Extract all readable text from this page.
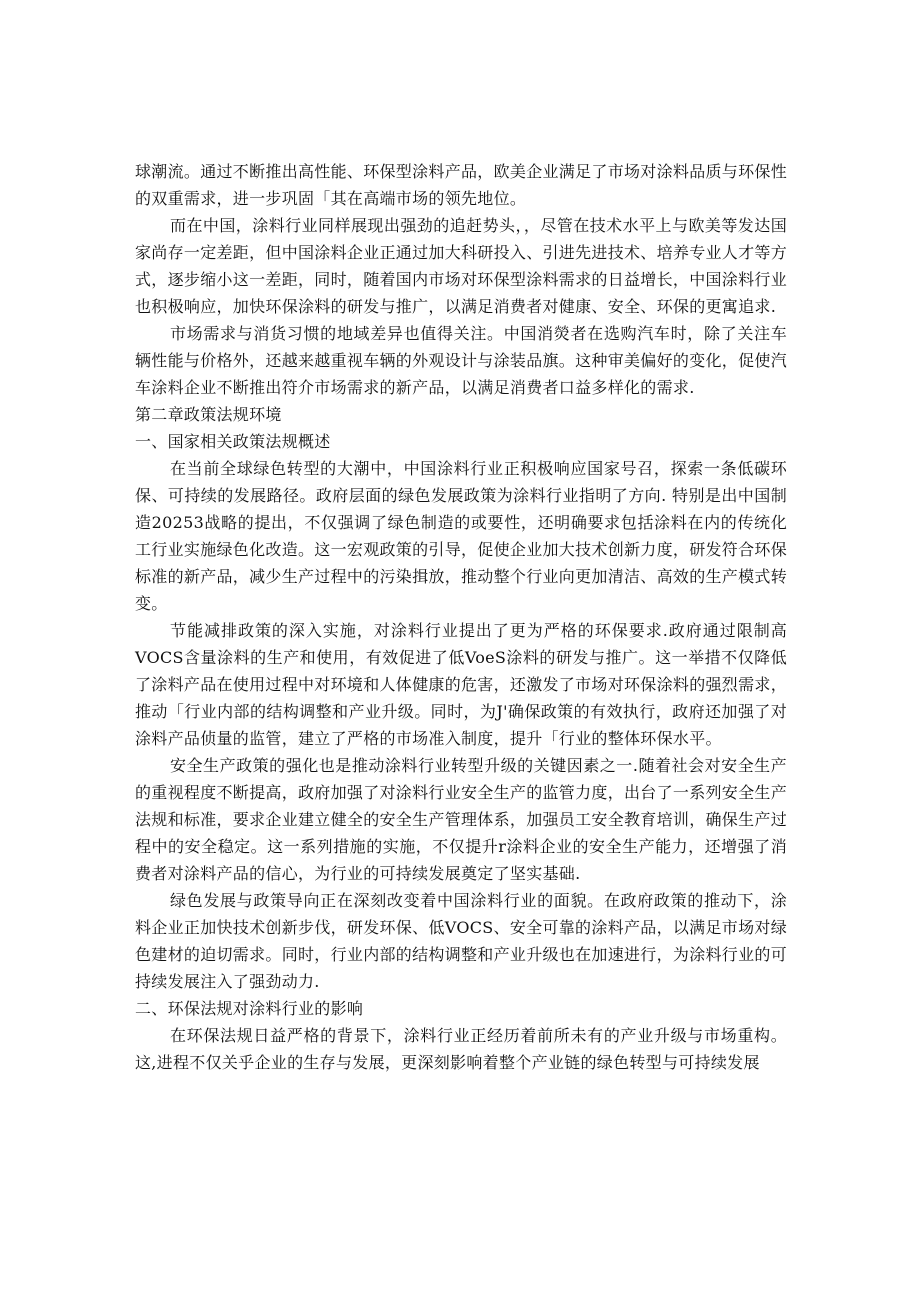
球潮流。通过不断推出高性能、环保型涂料产品，欧美企业满足了市场对涂料品质与环保性的双重需求，进一步巩固「其在高端市场的领先地位。

而在中国，涂料行业同样展现出强劲的追赶势头，，尽管在技术水平上与欧美等发达国家尚存一定差距，但中国涂料企业正通过加大科研投入、引进先进技术、培养专业人才等方式，逐步缩小这一差距，同时，随着国内市场对环保型涂料需求的日益增长，中国涂料行业也积极响应，加快环保涂料的研发与推广，以满足消费者对健康、安全、环保的更寓追求.

市场需求与消货习惯的地域差异也值得关注。中国消熒者在选购汽车时，除了关注车辆性能与价格外，还越来越重视车辆的外观设计与涂装品旗。这种审美偏好的变化，促使汽车涂料企业不断推出符介市场需求的新产品，以满足消费者口益多样化的需求.

第二章政策法规环境
一、国家相关政策法规概述

在当前全球绿色转型的大潮中，中国涂料行业正积极响应国家号召，探索一条低碳环保、可持续的发展路径。政府层面的绿色发展政策为涂料行业指明了方向. 特别是出中国制造20253战略的提出，不仅强调了绿色制造的或要性，还明确要求包括涂料在内的传统化工行业实施绿色化改造。这一宏观政策的引导，促使企业加大技术创新力度，研发符合环保标准的新产品，减少生产过程中的污染揖放，推动整个行业向更加清洁、高效的生产模式转变。

节能减排政策的深入实施，对涂料行业提出了更为严格的环保要求.政府通过限制高VOCS含量涂料的生产和使用，有效促进了低VoeS涂料的研发与推广。这一举措不仅降低了涂料产品在使用过程中对环境和人体健康的危害，还激发了市场对环保涂料的强烈需求，推动「行业内部的结构调整和产业升级。同时，为J'确保政策的有效执行，政府还加强了对涂料产品侦量的监管，建立了严格的市场准入制度，提升「行业的整体环保水平。

安全生产政策的强化也是推动涂料行业转型升级的关键因素之一.随着社会对安全生产的重视程度不断提高，政府加强了对涂料行业安全生产的监管力度，出台了一系列安全生产法规和标准，要求企业建立健全的安全生产管理体系，加强员工安全教育培训，确保生产过程中的安全稳定。这一系列措施的实施，不仅提升r涂料企业的安全生产能力，还增强了消费者对涂料产品的信心，为行业的可持续发展奠定了坚实基础.

绿色发展与政策导向正在深刻改变着中国涂料行业的面貌。在政府政策的推动下，涂料企业正加快技术创新步伐，研发环保、低VOCS、安全可靠的涂料产品，以满足市场对绿色建材的迫切需求。同时，行业内部的结构调整和产业升级也在加速进行，为涂料行业的可持续发展注入了强劲动力.

二、环保法规对涂料行业的影响

在环保法规日益严格的背景下，涂料行业正经历着前所未有的产业升级与市场重构。这,进程不仅关乎企业的生存与发展，更深刻影响着整个产业链的绿色转型与可持续发展
